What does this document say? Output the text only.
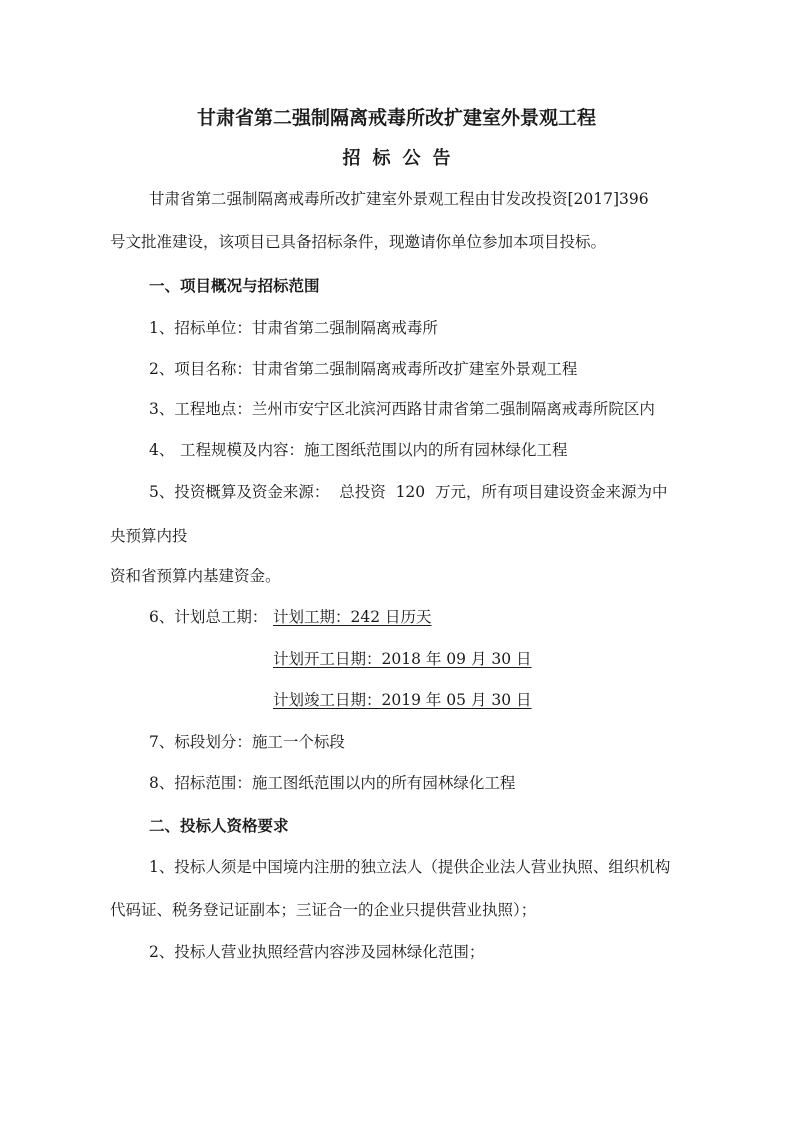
甘肃省第二强制隔离戒毒所改扩建室外景观工程
招标公告
甘肃省第二强制隔离戒毒所改扩建室外景观工程由甘发改投资[2017]396
号文批准建设，该项目已具备招标条件，现邀请你单位参加本项目投标。
一、项目概况与招标范围
1、招标单位：甘肃省第二强制隔离戒毒所
2、项目名称：甘肃省第二强制隔离戒毒所改扩建室外景观工程
3、工程地点：兰州市安宁区北滨河西路甘肃省第二强制隔离戒毒所院区内
4、 工程规模及内容：施工图纸范围以内的所有园林绿化工程
5、投资概算及资金来源：  总投资  120  万元，所有项目建设资金来源为中
央预算内投
资和省预算内基建资金。
6、计划总工期： 计划工期：242 日历天
计划开工日期：2018 年 09 月 30 日
计划竣工日期：2019 年 05 月 30 日
7、标段划分：施工一个标段
8、招标范围：施工图纸范围以内的所有园林绿化工程
二、投标人资格要求
1、投标人须是中国境内注册的独立法人（提供企业法人营业执照、组织机构
代码证、税务登记证副本；三证合一的企业只提供营业执照）；
2、投标人营业执照经营内容涉及园林绿化范围；
